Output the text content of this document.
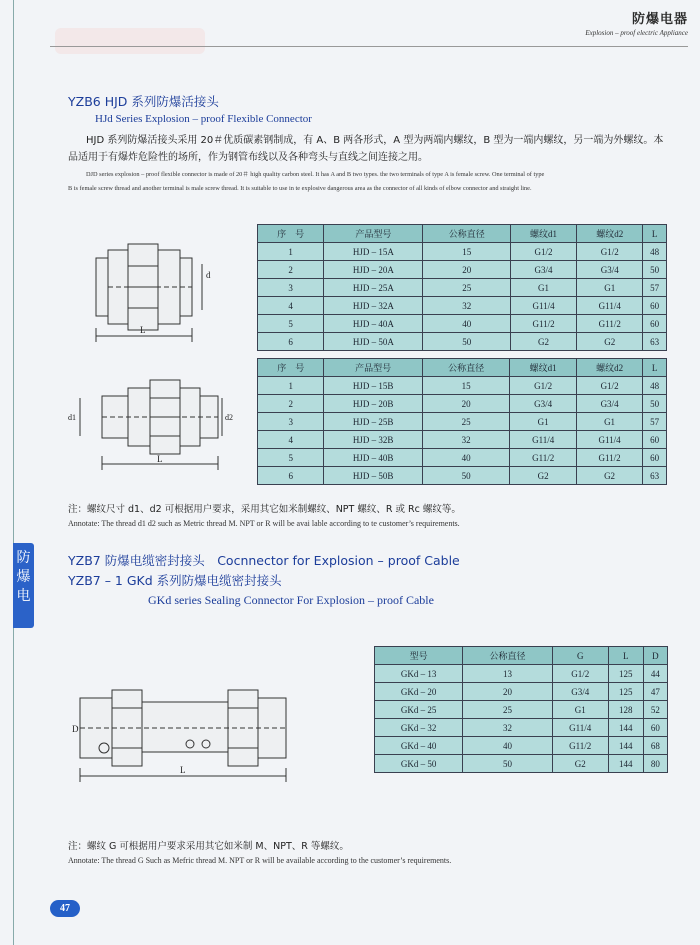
防爆电器
Explosion – proof electric Appliance
YZB6 HJD 系列防爆活接头
HJd Series Explosion – proof Flexible Connector
HJD 系列防爆活接头采用 20＃优质碳素钢制成，有 A、B 两各形式，A 型为两端内螺纹，B 型为一端内螺纹，另一端为外螺纹。本
品适用于有爆炸危险性的场所，作为钢管布线以及各种弯头与直线之间连接之用。
DJD series explosion – proof flexible connector is made of 20＃ high quality carbon steel. It has A and B two types. the two terminals of type A is female screw. One terminal of type
B is female screw thread and another terminal is male screw thread. It is suitable to use in te explosive dangerous area as the connector of all kinds of elbow connector and straight line.
L
d
序　号	产品型号	公称直径	螺纹d1	螺纹d2	L
1	HJD – 15A	15	G1/2	G1/2	48
2	HJD – 20A	20	G3/4	G3/4	50
3	HJD – 25A	25	G1	G1	57
4	HJD – 32A	32	G11/4	G11/4	60
5	HJD – 40A	40	G11/2	G11/2	60
6	HJD – 50A	50	G2	G2	63
L
d1	d2
序　号	产品型号	公称直径	螺纹d1	螺纹d2	L
1	HJD – 15B	15	G1/2	G1/2	48
2	HJD – 20B	20	G3/4	G3/4	50
3	HJD – 25B	25	G1	G1	57
4	HJD – 32B	32	G11/4	G11/4	60
5	HJD – 40B	40	G11/2	G11/2	60
6	HJD – 50B	50	G2	G2	63
注：螺纹尺寸 d1、d2 可根据用户要求，采用其它如米制螺纹、NPT 螺纹、R 或 Rc 螺纹等。
Annotate: The thread d1 d2 such as Metric thread M. NPT or R will be avai lable according to te customer’s requirements.
防
爆
电
YZB7 防爆电缆密封接头　Cocnnector for Explosion – proof Cable
YZB7 – 1 GKd 系列防爆电缆密封接头
GKd series Sealing Connector For Explosion – proof Cable
L
D
型号	公称直径	G	L	D
GKd – 13	13	G1/2	125	44
GKd – 20	20	G3/4	125	47
GKd – 25	25	G1	128	52
GKd – 32	32	G11/4	144	60
GKd – 40	40	G11/2	144	68
GKd – 50	50	G2	144	80
注：螺纹 G 可根据用户要求采用其它如米制 M、NPT、R 等螺纹。
Annotate: The thread G Such as Mefric thread M. NPT or R will be available according to the customer’s requirements.
47
